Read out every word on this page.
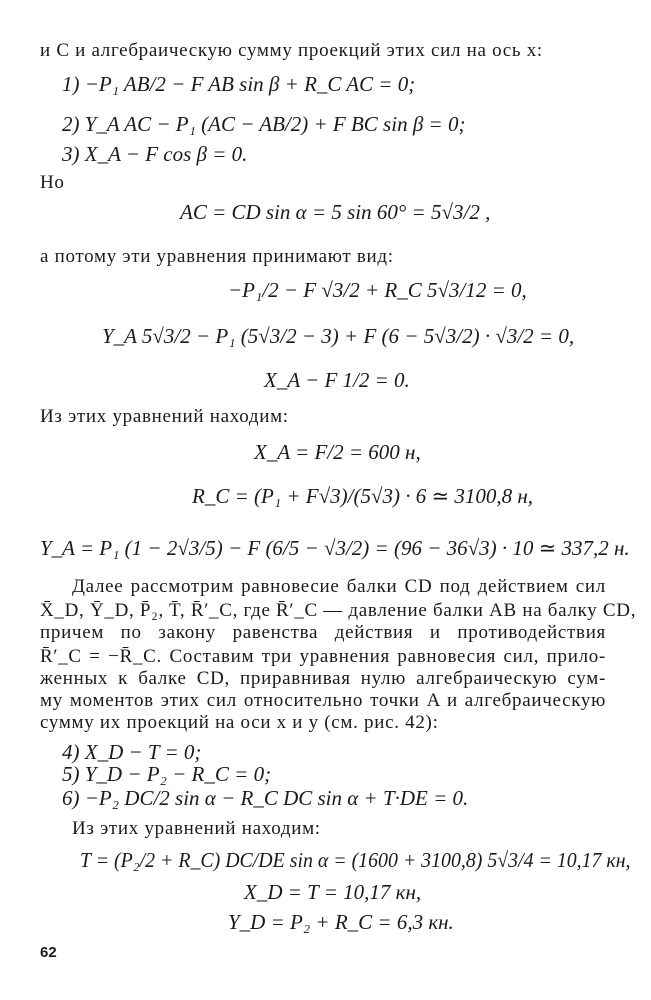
и C и алгебраическую сумму проекций этих сил на ось x:
1) −P₁ AB/2 − F AB sin β + R_C AC = 0;
2) Y_A AC − P₁ (AC − AB/2) + F BC sin β = 0;
3) X_A − F cos β = 0.
Но
AC = CD sin α = 5 sin 60° = 5√3/2 ,
а потому эти уравнения принимают вид:
−P₁/2 − F √3/2 + R_C 5√3/12 = 0,
Y_A 5√3/2 − P₁ (5√3/2 − 3) + F (6 − 5√3/2) · √3/2 = 0,
X_A − F 1/2 = 0.
Из этих уравнений находим:
X_A = F/2 = 600 н,
R_C = (P₁ + F√3)/(5√3) · 6 ≃ 3100,8 н,
Y_A = P₁ (1 − 2√3/5) − F (6/5 − √3/2) = (96 − 36√3) · 10 ≃ 337,2 н.
Далее рассмотрим равновесие балки CD под действием сил
X̄_D, Ȳ_D, P̄₂, T̄, R̄′_C, где R̄′_C — давление балки AB на балку CD,
причем по закону равенства действия и противодействия
R̄′_C = −R̄_C. Составим три уравнения равновесия сил, прило-
женных к балке CD, приравнивая нулю алгебраическую сум-
му моментов этих сил относительно точки A и алгебраическую
сумму их проекций на оси x и y (см. рис. 42):
4) X_D − T = 0;
5) Y_D − P₂ − R_C = 0;
6) −P₂ DC/2 sin α − R_C DC sin α + T·DE = 0.
Из этих уравнений находим:
T = (P₂/2 + R_C) DC/DE sin α = (1600 + 3100,8) 5√3/4 = 10,17 кн,
X_D = T = 10,17 кн,
Y_D = P₂ + R_C = 6,3 кн.
62
